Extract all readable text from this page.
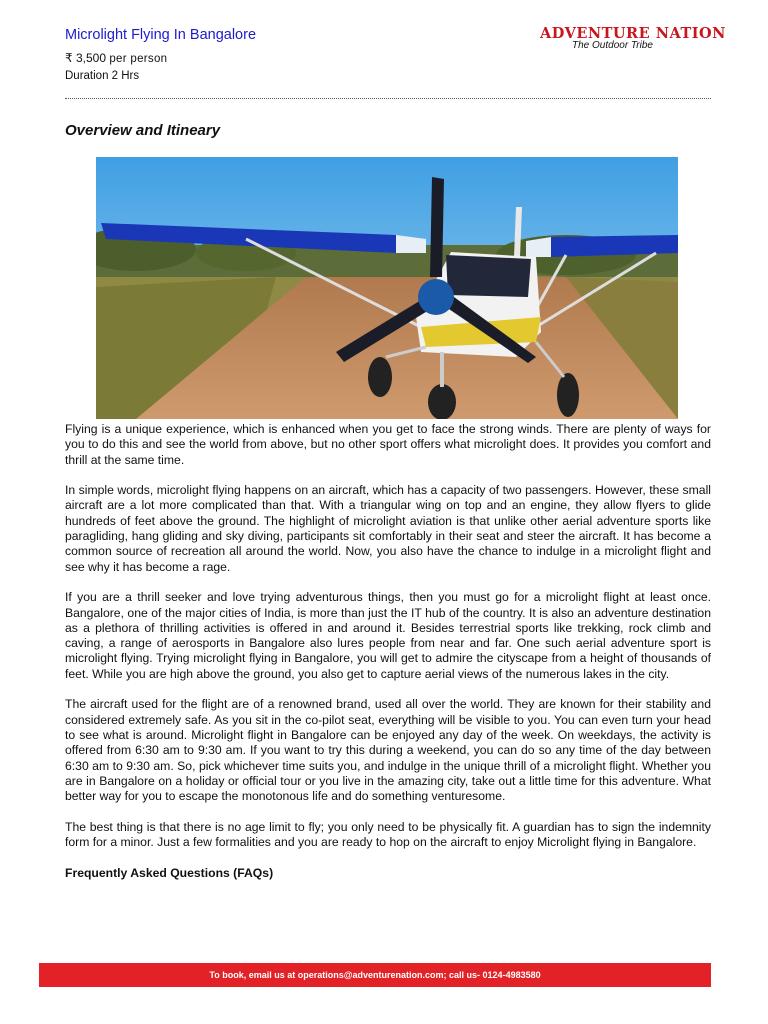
Microlight Flying In Bangalore
₹ 3,500 per person
Duration 2 Hrs
ADVENTURE NATION
The Outdoor Tribe
Overview and Itineary

Flying is a unique experience, which is enhanced when you get to face the strong winds. There are plenty of ways for you to do this and see the world from above, but no other sport offers what microlight does. It provides you comfort and thrill at the same time.

In simple words, microlight flying happens on an aircraft, which has a capacity of two passengers. However, these small aircraft are a lot more complicated than that. With a triangular wing on top and an engine, they allow flyers to glide hundreds of feet above the ground. The highlight of microlight aviation is that unlike other aerial adventure sports like paragliding, hang gliding and sky diving, participants sit comfortably in their seat and steer the aircraft. It has become a common source of recreation all around the world. Now, you also have the chance to indulge in a microlight flight and see why it has become a rage.

If you are a thrill seeker and love trying adventurous things, then you must go for a microlight flight at least once. Bangalore, one of the major cities of India, is more than just the IT hub of the country. It is also an adventure destination as a plethora of thrilling activities is offered in and around it. Besides terrestrial sports like trekking, rock climb and caving, a range of aerosports in Bangalore also lures people from near and far. One such aerial adventure sport is microlight flying. Trying microlight flying in Bangalore, you will get to admire the cityscape from a height of thousands of feet. While you are high above the ground, you also get to capture aerial views of the numerous lakes in the city.

The aircraft used for the flight are of a renowned brand, used all over the world. They are known for their stability and considered extremely safe. As you sit in the co-pilot seat, everything will be visible to you. You can even turn your head to see what is around. Microlight flight in Bangalore can be enjoyed any day of the week. On weekdays, the activity is offered from 6:30 am to 9:30 am. If you want to try this during a weekend, you can do so any time of the day between 6:30 am to 9:30 am. So, pick whichever time suits you, and indulge in the unique thrill of a microlight flight. Whether you are in Bangalore on a holiday or official tour or you live in the amazing city, take out a little time for this adventure. What better way for you to escape the monotonous life and do something venturesome.

The best thing is that there is no age limit to fly; you only need to be physically fit. A guardian has to sign the indemnity form for a minor. Just a few formalities and you are ready to hop on the aircraft to enjoy Microlight flying in Bangalore.

Frequently Asked Questions (FAQs)

To book, email us at operations@adventurenation.com; call us- 0124-4983580
